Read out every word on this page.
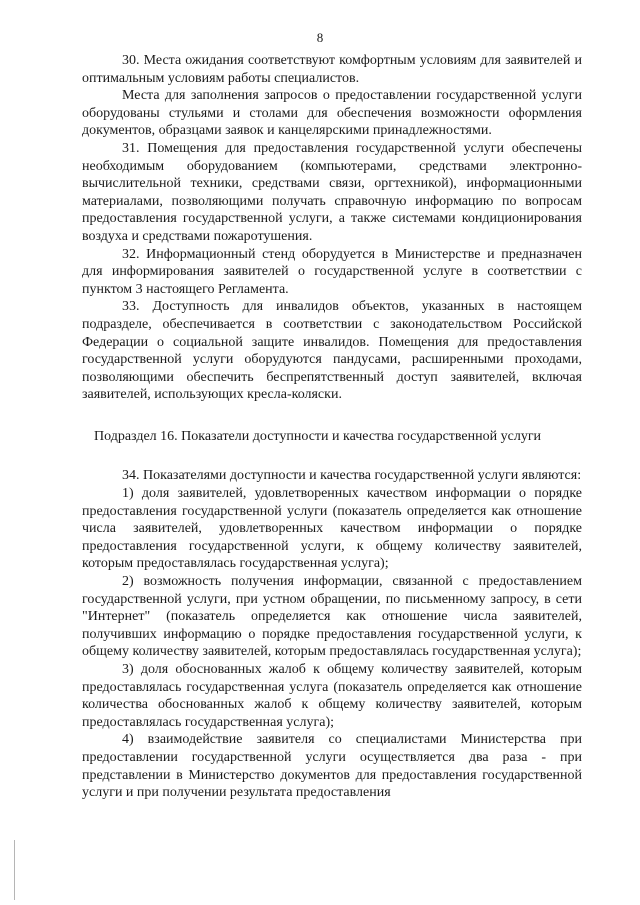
8

30. Места ожидания соответствуют комфортным условиям для заявителей и оптимальным условиям работы специалистов.

Места для заполнения запросов о предоставлении государственной услуги оборудованы стульями и столами для обеспечения возможности оформления документов, образцами заявок и канцелярскими принадлежностями.

31. Помещения для предоставления государственной услуги обеспечены необходимым оборудованием (компьютерами, средствами электронно-вычислительной техники, средствами связи, оргтехникой), информационными материалами, позволяющими получать справочную информацию по вопросам предоставления государственной услуги, а также системами кондиционирования воздуха и средствами пожаротушения.

32. Информационный стенд оборудуется в Министерстве и предназначен для информирования заявителей о государственной услуге в соответствии с пунктом 3 настоящего Регламента.

33. Доступность для инвалидов объектов, указанных в настоящем подразделе, обеспечивается в соответствии с законодательством Российской Федерации о социальной защите инвалидов. Помещения для предоставления государственной услуги оборудуются пандусами, расширенными проходами, позволяющими обеспечить беспрепятственный доступ заявителей, включая заявителей, использующих кресла-коляски.

Подраздел 16. Показатели доступности и качества государственной услуги

34. Показателями доступности и качества государственной услуги являются:

1) доля заявителей, удовлетворенных качеством информации о порядке предоставления государственной услуги (показатель определяется как отношение числа заявителей, удовлетворенных качеством информации о порядке предоставления государственной услуги, к общему количеству заявителей, которым предоставлялась государственная услуга);

2) возможность получения информации, связанной с предоставлением государственной услуги, при устном обращении, по письменному запросу, в сети "Интернет" (показатель определяется как отношение числа заявителей, получивших информацию о порядке предоставления государственной услуги, к общему количеству заявителей, которым предоставлялась государственная услуга);

3) доля обоснованных жалоб к общему количеству заявителей, которым предоставлялась государственная услуга (показатель определяется как отношение количества обоснованных жалоб к общему количеству заявителей, которым предоставлялась государственная услуга);

4) взаимодействие заявителя со специалистами Министерства при предоставлении государственной услуги осуществляется два раза - при представлении в Министерство документов для предоставления государственной услуги и при получении результата предоставления
